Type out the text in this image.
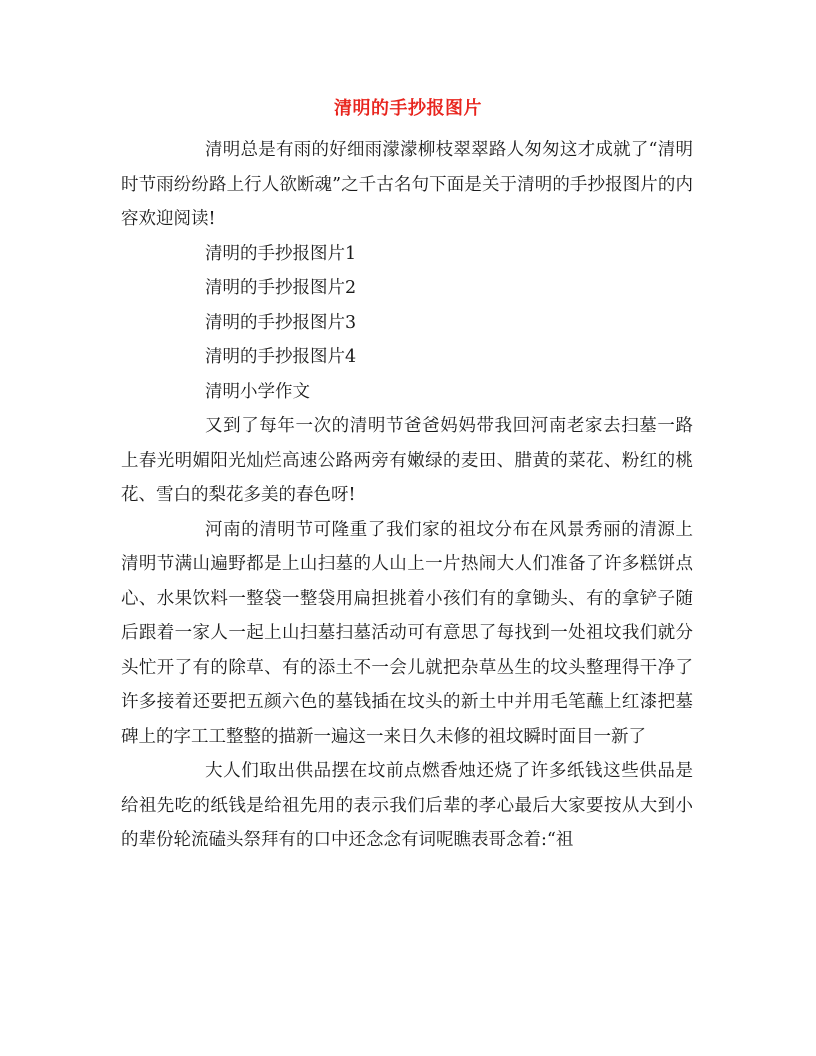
清明的手抄报图片

清明总是有雨的好细雨濛濛柳枝翠翠路人匆匆这才成就了“清明时节雨纷纷路上行人欲断魂”之千古名句下面是关于清明的手抄报图片的内容欢迎阅读!

清明的手抄报图片1

清明的手抄报图片2

清明的手抄报图片3

清明的手抄报图片4

清明小学作文

又到了每年一次的清明节爸爸妈妈带我回河南老家去扫墓一路上春光明媚阳光灿烂高速公路两旁有嫩绿的麦田、腊黄的菜花、粉红的桃花、雪白的梨花多美的春色呀!

河南的清明节可隆重了我们家的祖坟分布在风景秀丽的清源上清明节满山遍野都是上山扫墓的人山上一片热闹大人们准备了许多糕饼点心、水果饮料一整袋一整袋用扁担挑着小孩们有的拿锄头、有的拿铲子随后跟着一家人一起上山扫墓扫墓活动可有意思了每找到一处祖坟我们就分头忙开了有的除草、有的添土不一会儿就把杂草丛生的坟头整理得干净了许多接着还要把五颜六色的墓钱插在坟头的新土中并用毛笔蘸上红漆把墓碑上的字工工整整的描新一遍这一来日久未修的祖坟瞬时面目一新了

大人们取出供品摆在坟前点燃香烛还烧了许多纸钱这些供品是给祖先吃的纸钱是给祖先用的表示我们后辈的孝心最后大家要按从大到小的辈份轮流磕头祭拜有的口中还念念有词呢瞧表哥念着:“祖
